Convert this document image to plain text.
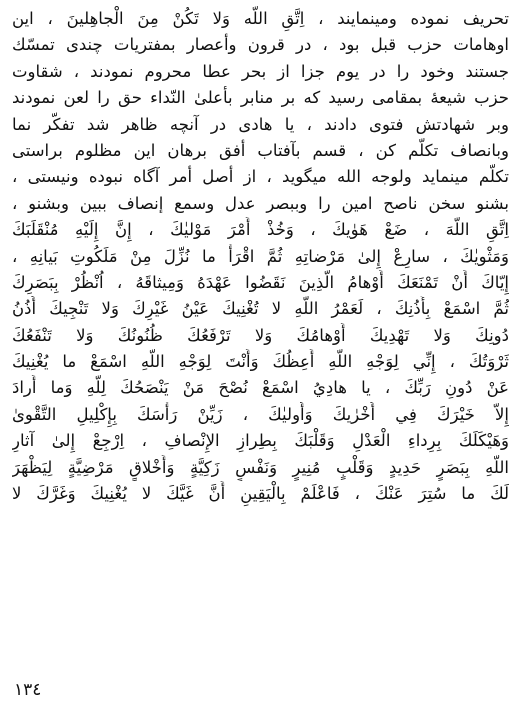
تحريف نموده ومينمايند ، اِتَّقِ اللّه وَلا تَكُنْ مِنَ الْجاهِلينَ ، اين
اوهامات حزب قبل بود ، در قرون وأعصار بمفتريات چندی تمسّك
جستند وخود را در يوم جزا از بحر عطا محروم نمودند ، شقاوت
حزب شيعهٔ بمقامی رسيد كه بر منابر بأعلیٰ النّداء حق را لعن نمودند
وبر شهادتش فتوی دادند ، يا هادی در آنچه ظاهر شد تفكّر نما
وبانصاف تكلّم كن ، قسم بآفتاب أفق برهان اين مظلوم براستی
تكلّم مينمايد ولوجه الله ميگويد ، از أصل أمر آگاه نبوده ونيستی ،
بشنو سخن ناصح امين را وببصر عدل وسمع إنصاف ببين وبشنو ،
اِتَّقِ اللّهَ ، ضَعْ هَوٰيكَ ، وَخُذْ أَمْرَ مَوْليٰكَ ، إِنَّ إِلَيْهِ مُنْقَلَبَكَ
وَمَثْويٰكَ ، سارِعْ إِلىٰ مَرْضاتِهِ ثُمَّ اقْرَأْ ما نُزِّلَ مِنْ مَلَكُوتِ بَيانِهِ ،
إِيّاكَ أَنْ تَمْنَعَكَ أَوْهامُ الَّذِينَ نَقَضُوا عَهْدَهُ وَمِيثاقَهُ ، اُنْظُرْ بِبَصَرِكَ
ثُمَّ اسْمَعْ بِأُذُنِكَ ، لَعَمْرُ اللّهِ لا تُغْنِيكَ عَيْنُ غَيْرِكَ وَلا تَنْجِيكَ أُذُنُ
دُونِكَ وَلا تَهْدِيكَ أَوْهامُكَ وَلا تَرْفَعُكَ ظُنُونُكَ وَلا تَنْفَعُكَ
ثَرْوَتُكَ ، إِنِّي لِوَجْهِ اللّهِ أَعِظُكَ وَأَنْتَ لِوَجْهِ اللّهِ اسْمَعْ ما يُغْنِيكَ
عَنْ دُونِ رَبِّكَ ، يا هادِيُ اسْمَعْ نُصْحَ مَنْ يَنْصَحُكَ لِلّهِ وَما أَرادَ
إِلاّ خَيْرَكَ فِي أُخْرٰيكَ وَأُوليٰكَ ، زَيِّنْ رَأْسَكَ بِإِكْلِيلِ التَّقْوىٰ
وَهَيْكَلَكَ بِرِداءِ الْعَدْلِ وَقَلْبَكَ بِطِرازِ الإِنْصافِ ، اِرْجِعْ إِلىٰ آثارِ
اللّهِ بِبَصَرٍ حَدِيدٍ وَقَلْبٍ مُنِيرٍ وَنَفْسٍ زَكِيَّةٍ وَأَخْلاقٍ مَرْضِيَّةٍ لِيَظْهَرَ
لَكَ ما سُتِرَ عَنْكَ ، فَاعْلَمْ بِالْيَقِينِ أَنَّ غَيَّكَ لا يُغْنِيكَ وَغَرَّكَ لا
١٣٤
